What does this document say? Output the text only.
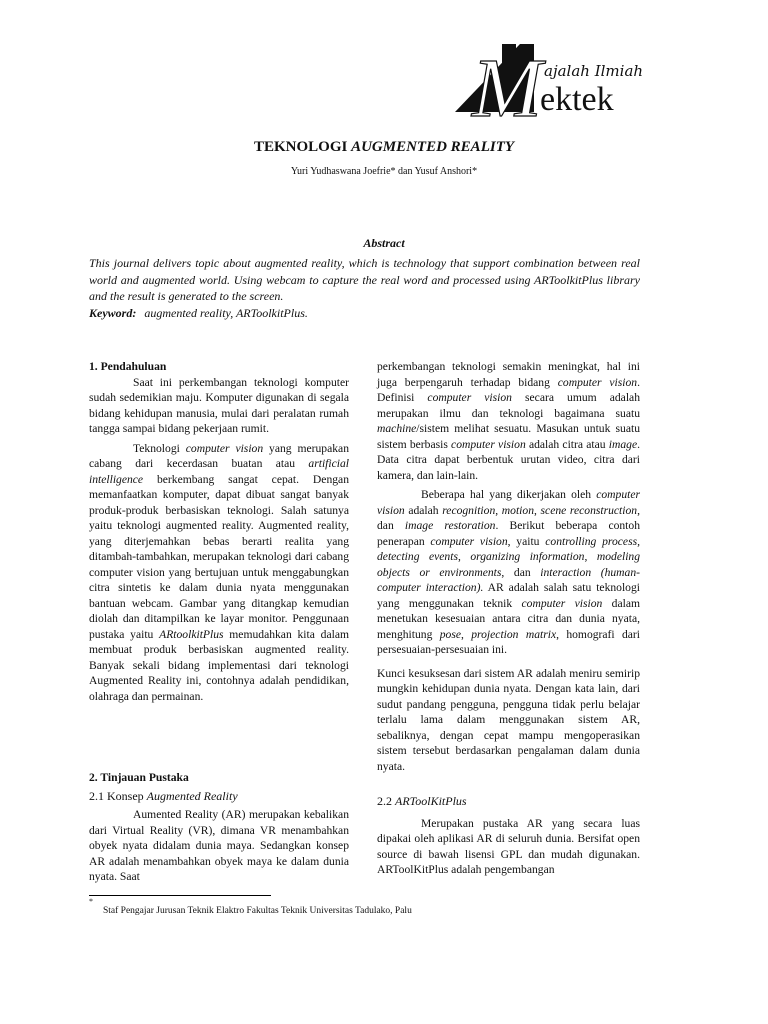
M ajalah Ilmiah
ektek
TEKNOLOGI AUGMENTED REALITY
Yuri Yudhaswana Joefrie* dan Yusuf Anshori*
Abstract
This journal delivers topic about augmented reality, which is technology that support combination between real world and augmented world. Using webcam to capture the real word and processed using ARToolkitPlus library and the result is generated to the screen.
Keyword: augmented reality, ARToolkitPlus.

1. Pendahuluan

Saat ini perkembangan teknologi komputer sudah sedemikian maju. Komputer digunakan di segala bidang kehidupan manusia, mulai dari peralatan rumah tangga sampai bidang pekerjaan rumit.

Teknologi computer vision yang merupakan cabang dari kecerdasan buatan atau artificial intelligence berkembang sangat cepat. Dengan memanfaatkan komputer, dapat dibuat sangat banyak produk-produk berbasiskan teknologi. Salah satunya yaitu teknologi augmented reality. Augmented reality, yang diterjemahkan bebas berarti realita yang ditambah-tambahkan, merupakan teknologi dari cabang computer vision yang bertujuan untuk menggabungkan citra sintetis ke dalam dunia nyata menggunakan bantuan webcam. Gambar yang ditangkap kemudian diolah dan ditampilkan ke layar monitor. Penggunaan pustaka yaitu ARtoolkitPlus memudahkan kita dalam membuat produk berbasiskan augmented reality. Banyak sekali bidang implementasi dari teknologi Augmented Reality ini, contohnya adalah pendidikan, olahraga dan permainan.

2. Tinjauan Pustaka

2.1 Konsep Augmented Reality

Aumented Reality (AR) merupakan kebalikan dari Virtual Reality (VR), dimana VR menambahkan obyek nyata didalam dunia maya. Sedangkan konsep AR adalah menambahkan obyek maya ke dalam dunia nyata. Saat

perkembangan teknologi semakin meningkat, hal ini juga berpengaruh terhadap bidang computer vision. Definisi computer vision secara umum adalah merupakan ilmu dan teknologi bagaimana suatu machine/sistem melihat sesuatu. Masukan untuk suatu sistem berbasis computer vision adalah citra atau image. Data citra dapat berbentuk urutan video, citra dari kamera, dan lain-lain.

Beberapa hal yang dikerjakan oleh computer vision adalah recognition, motion, scene reconstruction, dan image restoration. Berikut beberapa contoh penerapan computer vision, yaitu controlling process, detecting events, organizing information, modeling objects or environments, dan interaction (human-computer interaction). AR adalah salah satu teknologi yang menggunakan teknik computer vision dalam menetukan kesesuaian antara citra dan dunia nyata, menghitung pose, projection matrix, homografi dari persesuaian-persesuaian ini.

Kunci kesuksesan dari sistem AR adalah meniru semirip mungkin kehidupan dunia nyata. Dengan kata lain, dari sudut pandang pengguna, pengguna tidak perlu belajar terlalu lama dalam menggunakan sistem AR, sebaliknya, dengan cepat mampu mengoperasikan sistem tersebut berdasarkan pengalaman dalam dunia nyata.

2.2 ARToolKitPlus

Merupakan pustaka AR yang secara luas dipakai oleh aplikasi AR di seluruh dunia. Bersifat open source di bawah lisensi GPL dan mudah digunakan. ARToolKitPlus adalah pengembangan

*
Staf Pengajar Jurusan Teknik Elaktro Fakultas Teknik Universitas Tadulako, Palu
